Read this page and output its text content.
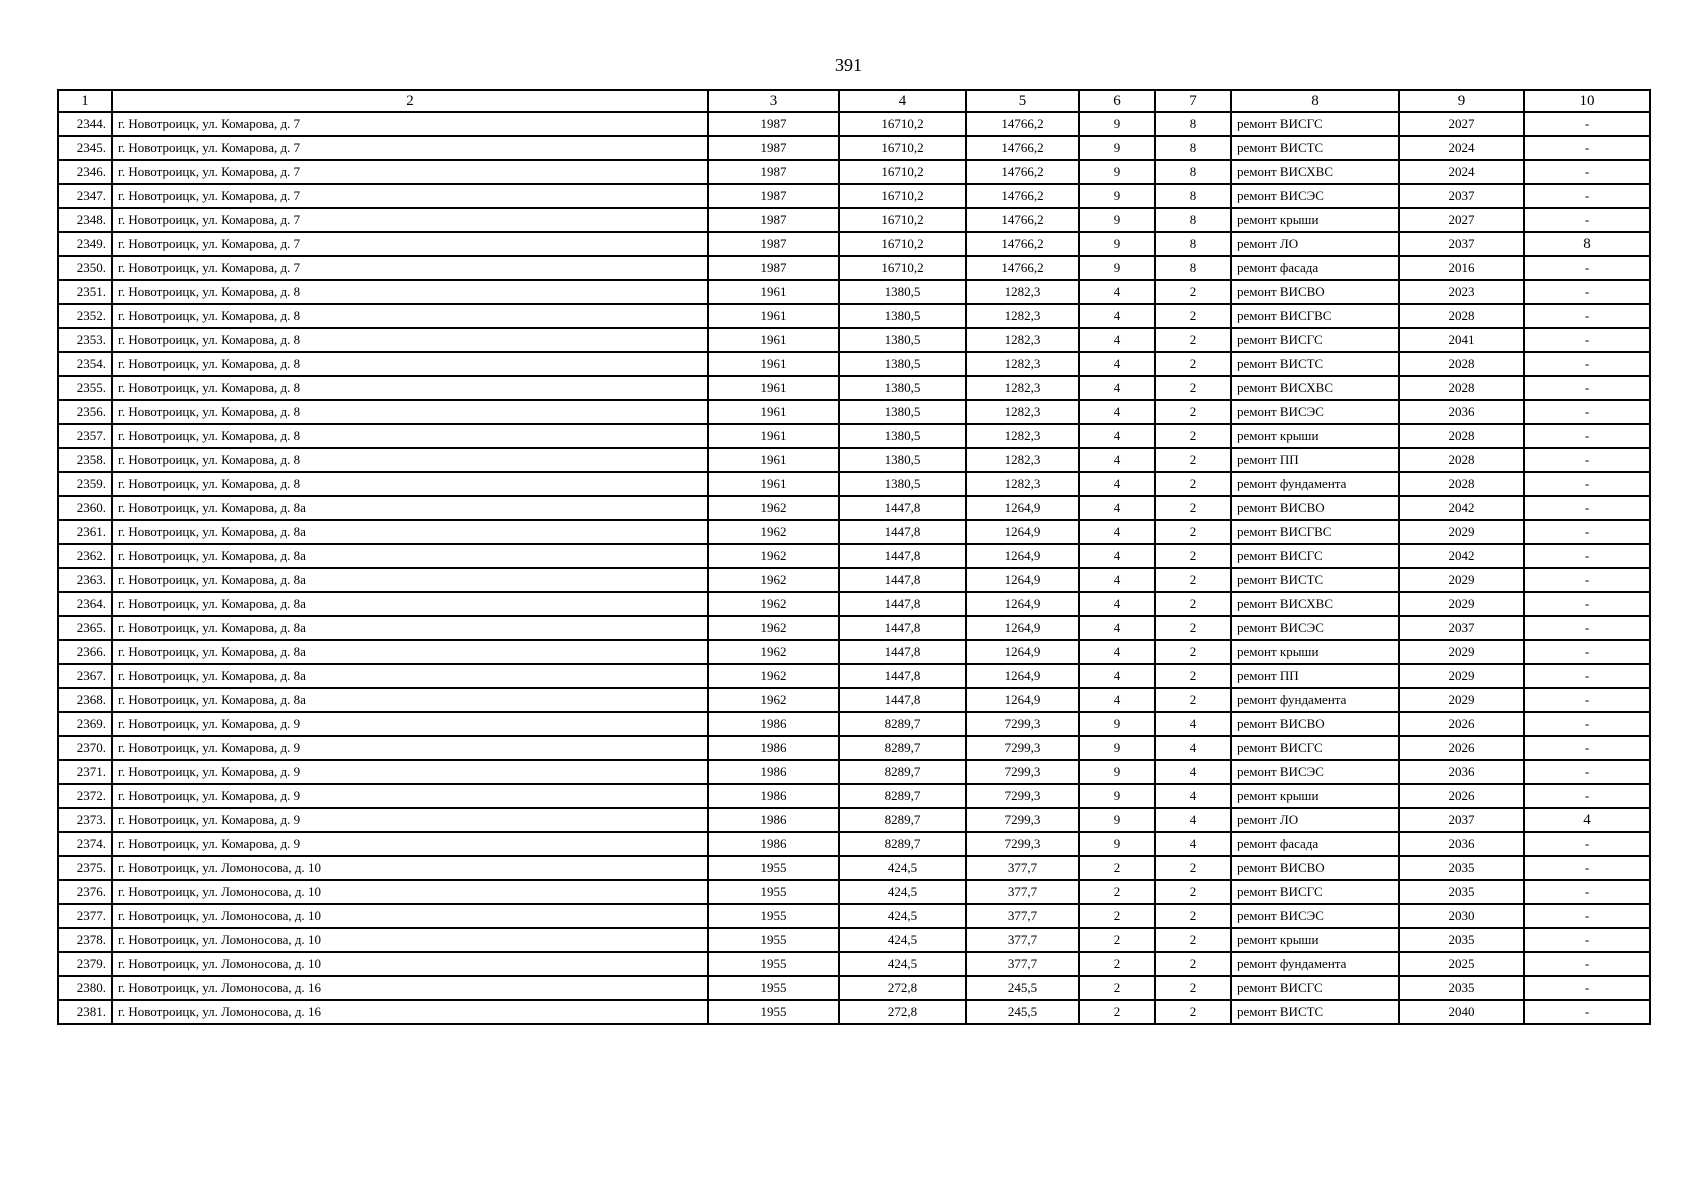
391
1	2	3	4	5	6	7	8	9	10
2344.	г. Новотроицк, ул. Комарова, д. 7	1987	16710,2	14766,2	9	8	ремонт ВИСГС	2027	-
2345.	г. Новотроицк, ул. Комарова, д. 7	1987	16710,2	14766,2	9	8	ремонт ВИСТС	2024	-
2346.	г. Новотроицк, ул. Комарова, д. 7	1987	16710,2	14766,2	9	8	ремонт ВИСХВС	2024	-
2347.	г. Новотроицк, ул. Комарова, д. 7	1987	16710,2	14766,2	9	8	ремонт ВИСЭС	2037	-
2348.	г. Новотроицк, ул. Комарова, д. 7	1987	16710,2	14766,2	9	8	ремонт крыши	2027	-
2349.	г. Новотроицк, ул. Комарова, д. 7	1987	16710,2	14766,2	9	8	ремонт ЛО	2037	8
2350.	г. Новотроицк, ул. Комарова, д. 7	1987	16710,2	14766,2	9	8	ремонт фасада	2016	-
2351.	г. Новотроицк, ул. Комарова, д. 8	1961	1380,5	1282,3	4	2	ремонт ВИСВО	2023	-
2352.	г. Новотроицк, ул. Комарова, д. 8	1961	1380,5	1282,3	4	2	ремонт ВИСГВС	2028	-
2353.	г. Новотроицк, ул. Комарова, д. 8	1961	1380,5	1282,3	4	2	ремонт ВИСГС	2041	-
2354.	г. Новотроицк, ул. Комарова, д. 8	1961	1380,5	1282,3	4	2	ремонт ВИСТС	2028	-
2355.	г. Новотроицк, ул. Комарова, д. 8	1961	1380,5	1282,3	4	2	ремонт ВИСХВС	2028	-
2356.	г. Новотроицк, ул. Комарова, д. 8	1961	1380,5	1282,3	4	2	ремонт ВИСЭС	2036	-
2357.	г. Новотроицк, ул. Комарова, д. 8	1961	1380,5	1282,3	4	2	ремонт крыши	2028	-
2358.	г. Новотроицк, ул. Комарова, д. 8	1961	1380,5	1282,3	4	2	ремонт ПП	2028	-
2359.	г. Новотроицк, ул. Комарова, д. 8	1961	1380,5	1282,3	4	2	ремонт фундамента	2028	-
2360.	г. Новотроицк, ул. Комарова, д. 8а	1962	1447,8	1264,9	4	2	ремонт ВИСВО	2042	-
2361.	г. Новотроицк, ул. Комарова, д. 8а	1962	1447,8	1264,9	4	2	ремонт ВИСГВС	2029	-
2362.	г. Новотроицк, ул. Комарова, д. 8а	1962	1447,8	1264,9	4	2	ремонт ВИСГС	2042	-
2363.	г. Новотроицк, ул. Комарова, д. 8а	1962	1447,8	1264,9	4	2	ремонт ВИСТС	2029	-
2364.	г. Новотроицк, ул. Комарова, д. 8а	1962	1447,8	1264,9	4	2	ремонт ВИСХВС	2029	-
2365.	г. Новотроицк, ул. Комарова, д. 8а	1962	1447,8	1264,9	4	2	ремонт ВИСЭС	2037	-
2366.	г. Новотроицк, ул. Комарова, д. 8а	1962	1447,8	1264,9	4	2	ремонт крыши	2029	-
2367.	г. Новотроицк, ул. Комарова, д. 8а	1962	1447,8	1264,9	4	2	ремонт ПП	2029	-
2368.	г. Новотроицк, ул. Комарова, д. 8а	1962	1447,8	1264,9	4	2	ремонт фундамента	2029	-
2369.	г. Новотроицк, ул. Комарова, д. 9	1986	8289,7	7299,3	9	4	ремонт ВИСВО	2026	-
2370.	г. Новотроицк, ул. Комарова, д. 9	1986	8289,7	7299,3	9	4	ремонт ВИСГС	2026	-
2371.	г. Новотроицк, ул. Комарова, д. 9	1986	8289,7	7299,3	9	4	ремонт ВИСЭС	2036	-
2372.	г. Новотроицк, ул. Комарова, д. 9	1986	8289,7	7299,3	9	4	ремонт крыши	2026	-
2373.	г. Новотроицк, ул. Комарова, д. 9	1986	8289,7	7299,3	9	4	ремонт ЛО	2037	4
2374.	г. Новотроицк, ул. Комарова, д. 9	1986	8289,7	7299,3	9	4	ремонт фасада	2036	-
2375.	г. Новотроицк, ул. Ломоносова, д. 10	1955	424,5	377,7	2	2	ремонт ВИСВО	2035	-
2376.	г. Новотроицк, ул. Ломоносова, д. 10	1955	424,5	377,7	2	2	ремонт ВИСГС	2035	-
2377.	г. Новотроицк, ул. Ломоносова, д. 10	1955	424,5	377,7	2	2	ремонт ВИСЭС	2030	-
2378.	г. Новотроицк, ул. Ломоносова, д. 10	1955	424,5	377,7	2	2	ремонт крыши	2035	-
2379.	г. Новотроицк, ул. Ломоносова, д. 10	1955	424,5	377,7	2	2	ремонт фундамента	2025	-
2380.	г. Новотроицк, ул. Ломоносова, д. 16	1955	272,8	245,5	2	2	ремонт ВИСГС	2035	-
2381.	г. Новотроицк, ул. Ломоносова, д. 16	1955	272,8	245,5	2	2	ремонт ВИСТС	2040	-
